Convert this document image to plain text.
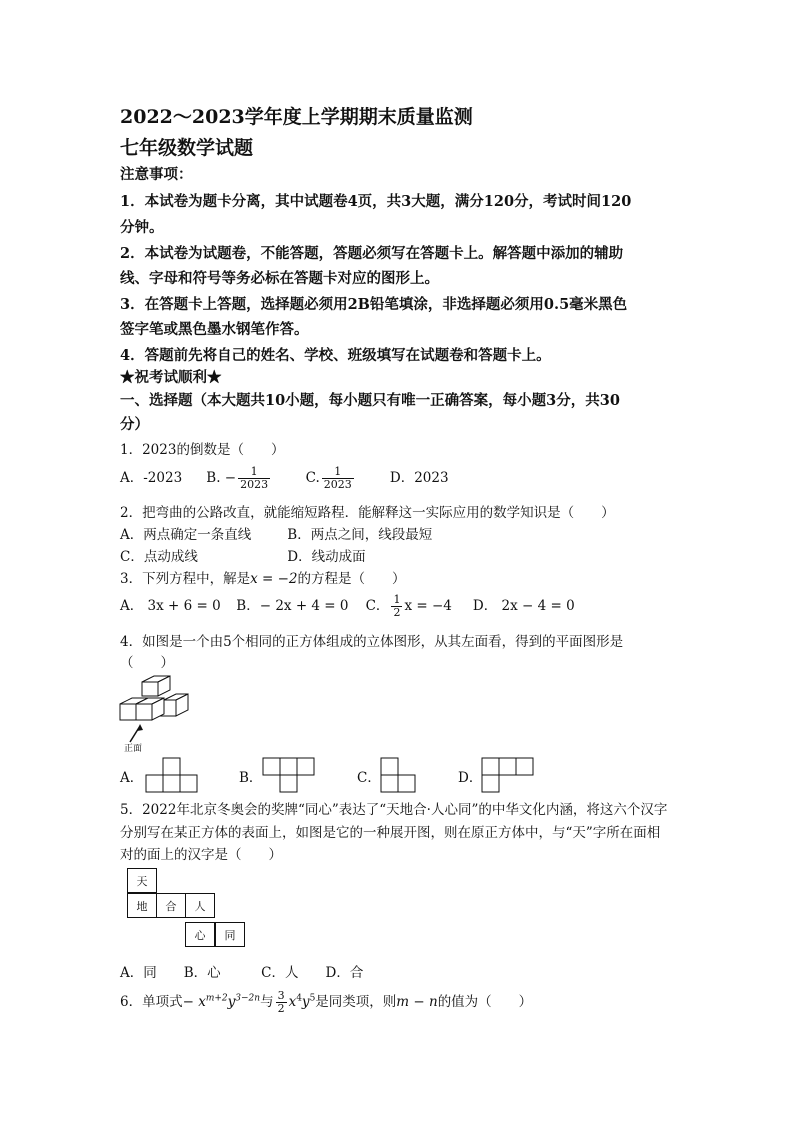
2022～2023学年度上学期期末质量监测
七年级数学试题
注意事项：
1．本试卷为题卡分离，其中试题卷4页，共3大题，满分120分，考试时间120
分钟。
2．本试卷为试题卷，不能答题，答题必须写在答题卡上。解答题中添加的辅助
线、字母和符号等务必标在答题卡对应的图形上。
3．在答题卡上答题，选择题必须用2B铅笔填涂，非选择题必须用0.5毫米黑色
签字笔或黑色墨水钢笔作答。
4．答题前先将自己的姓名、学校、班级填写在试题卷和答题卡上。
★祝考试顺利★
一、选择题（本大题共10小题，每小题只有唯一正确答案，每小题3分，共30
分）
1．2023的倒数是（　　）
A．-2023 B. − $\frac{1}{2023}$	C. $\frac{1}{2023}$	D．2023
2．把弯曲的公路改直，就能缩短路程．能解释这一实际应用的数学知识是（　　）
A．两点确定一条直线	B．两点之间，线段最短
C．点动成线	D．线动成面
3．下列方程中，解是x = −2的方程是（　　）
A． 3x + 6 = 0 B．− 2x + 4 = 0 C． $\frac{1}{2}$ x = −4 D． 2x − 4 = 0
4．如图是一个由5个相同的正方体组成的立体图形，从其左面看，得到的平面图形是
（　　）
正面
A．	B．	C．	D．
5．2022年北京冬奥会的奖牌“同心”表达了“天地合·人心同”的中华文化内涵，将这六个汉字
分别写在某正方体的表面上，如图是它的一种展开图，则在原正方体中，与“天”字所在面相
对的面上的汉字是（　　）
天
地	合	人
心	同
A．同　　B．心　　　C．人　　D．合
6．单项式− $x^{m+2}y^{3-2n}$与 $\frac{3}{2} x^4y^5$是同类项，则m − n的值为（　　）
